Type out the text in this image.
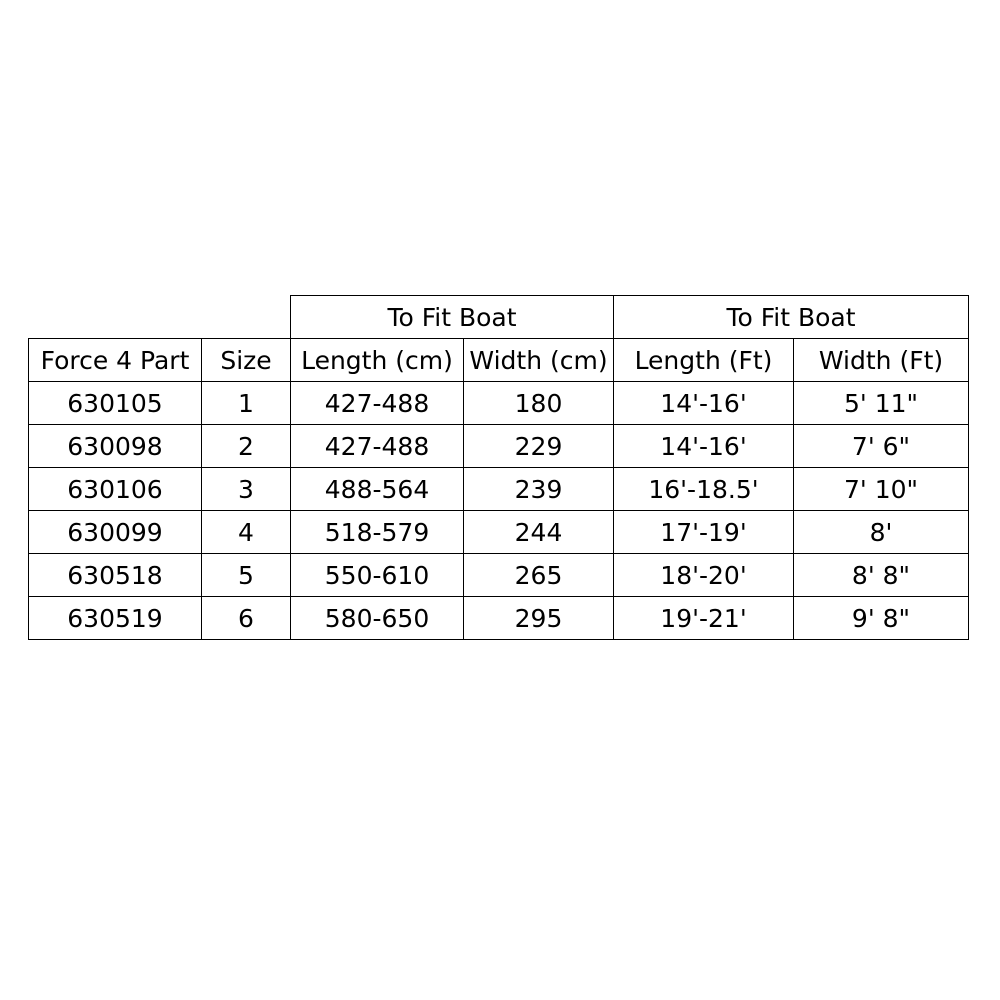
		To Fit Boat		To Fit Boat	
Force 4 Part	Size	Length (cm)	Width (cm)	Length (Ft)	Width (Ft)
630105	1	427-488	180	14'-16'	5' 11"
630098	2	427-488	229	14'-16'	7' 6"
630106	3	488-564	239	16'-18.5'	7' 10"
630099	4	518-579	244	17'-19'	8'
630518	5	550-610	265	18'-20'	8' 8"
630519	6	580-650	295	19'-21'	9' 8"
